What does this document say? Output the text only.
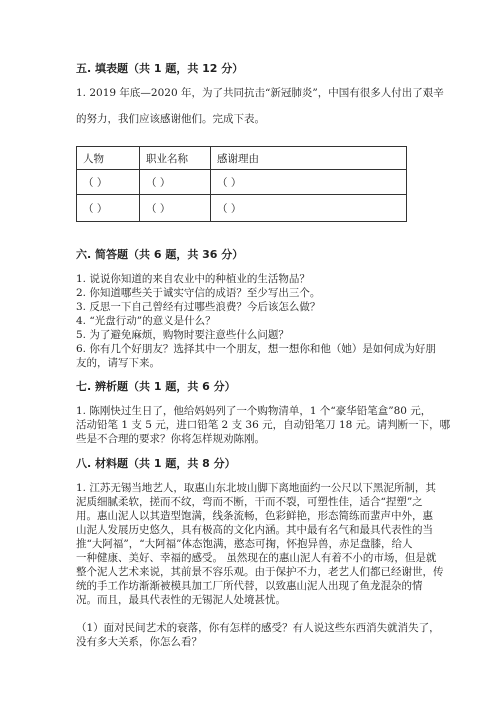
五. 填表题（共 1 题，共 12 分）
1. 2019 年底—2020 年，为了共同抗击“新冠肺炎”，中国有很多人付出了艰辛
的努力，我们应该感谢他们。完成下表。
人物	职业名称	感谢理由
（ ）	（ ）	（ ）
（ ）	（ ）	（ ）
六. 简答题（共 6 题，共 36 分）
1. 说说你知道的来自农业中的种植业的生活物品？
2. 你知道哪些关于诚实守信的成语？至少写出三个。
3. 反思一下自己曾经有过哪些浪费？今后该怎么做？
4. “光盘行动”的意义是什么？
5. 为了避免麻烦，购物时要注意些什么问题？
6. 你有几个好朋友？选择其中一个朋友，想一想你和他（她）是如何成为好朋
友的，请写下来。
七. 辨析题（共 1 题，共 6 分）
1. 陈刚快过生日了，他给妈妈列了一个购物清单，1 个“豪华铅笔盒”80 元，
活动铅笔 1 支 5 元，进口铅笔 2 支 36 元，自动铅笔刀 18 元。请判断一下，哪
些是不合理的要求？你将怎样规劝陈刚。
八. 材料题（共 1 题，共 8 分）
1. 江苏无锡当地艺人，取惠山东北坡山脚下离地面约一公尺以下黑泥所制，其
泥质细腻柔软，搓而不纹，弯而不断，干而不裂，可塑性佳，适合“捏塑”之
用。惠山泥人以其造型饱满，线条流畅，色彩鲜艳，形态简练而蜚声中外，惠
山泥人发展历史悠久，具有极高的文化内涵。其中最有名气和最具代表性的当
推“大阿福”，“大阿福”体态饱满，憨态可掬，怀抱异兽，赤足盘膝，给人
一种健康、美好、幸福的感受。 虽然现在的惠山泥人有着不小的市场，但是就
整个泥人艺术来说，其前景不容乐观。由于保护不力，老艺人们都已经谢世，传
统的手工作坊渐渐被模具加工厂所代替，以致惠山泥人出现了鱼龙混杂的情
况。而且，最具代表性的无锡泥人处境甚忧。
（1）面对民间艺术的衰落，你有怎样的感受？有人说这些东西消失就消失了，
没有多大关系，你怎么看？
